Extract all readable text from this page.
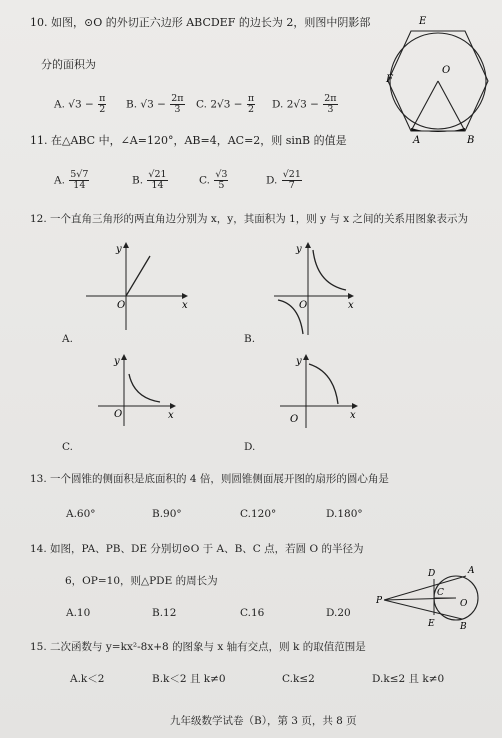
10. 如图，⊙O 的外切正六边形 ABCDEF 的边长为 2，则图中阴影部
分的面积为
A. $√3 - \frac{\pi}{2} B$. $√3 - \frac{2\pi}{3} C$. $2√3 - \frac{\pi}{2} D$. $2√3 - \frac{2\pi}{3}$
E
O
F
A	B
11. 在△ABC 中，∠A=120°，AB=4，AC=2，则 sinB 的值是
A. $\frac{5√7}{14}$	B. $\frac{√21}{14}$	C. $\frac{√3}{5}$	D. $\frac{√21}{7}$
12. 一个直角三角形的两直角边分别为 x，y，其面积为 1，则 y 与 x 之间的关系用图象表示为
y
O	x
A.
y
O	x
B.
y
O	x
C.
y
O	x
D.
13. 一个圆锥的侧面积是底面积的 4 倍，则圆锥侧面展开图的扇形的圆心角是
A.60°	B.90°	C.120°	D.180°
14. 如图，PA、PB、DE 分别切⊙O 于 A、B、C 点，若圆 O 的半径为
6，OP=10，则△PDE 的周长为
A.10	B.12	C.16	D.20
P
A
D
C
O
E	B
15. 二次函数与 y=kx²-8x+8 的图象与 x 轴有交点，则 k 的取值范围是
A.k＜2	B.k＜2 且 k≠0	C.k≤2	D.k≤2 且 k≠0
九年级数学试卷（B），第 3 页，共 8 页
